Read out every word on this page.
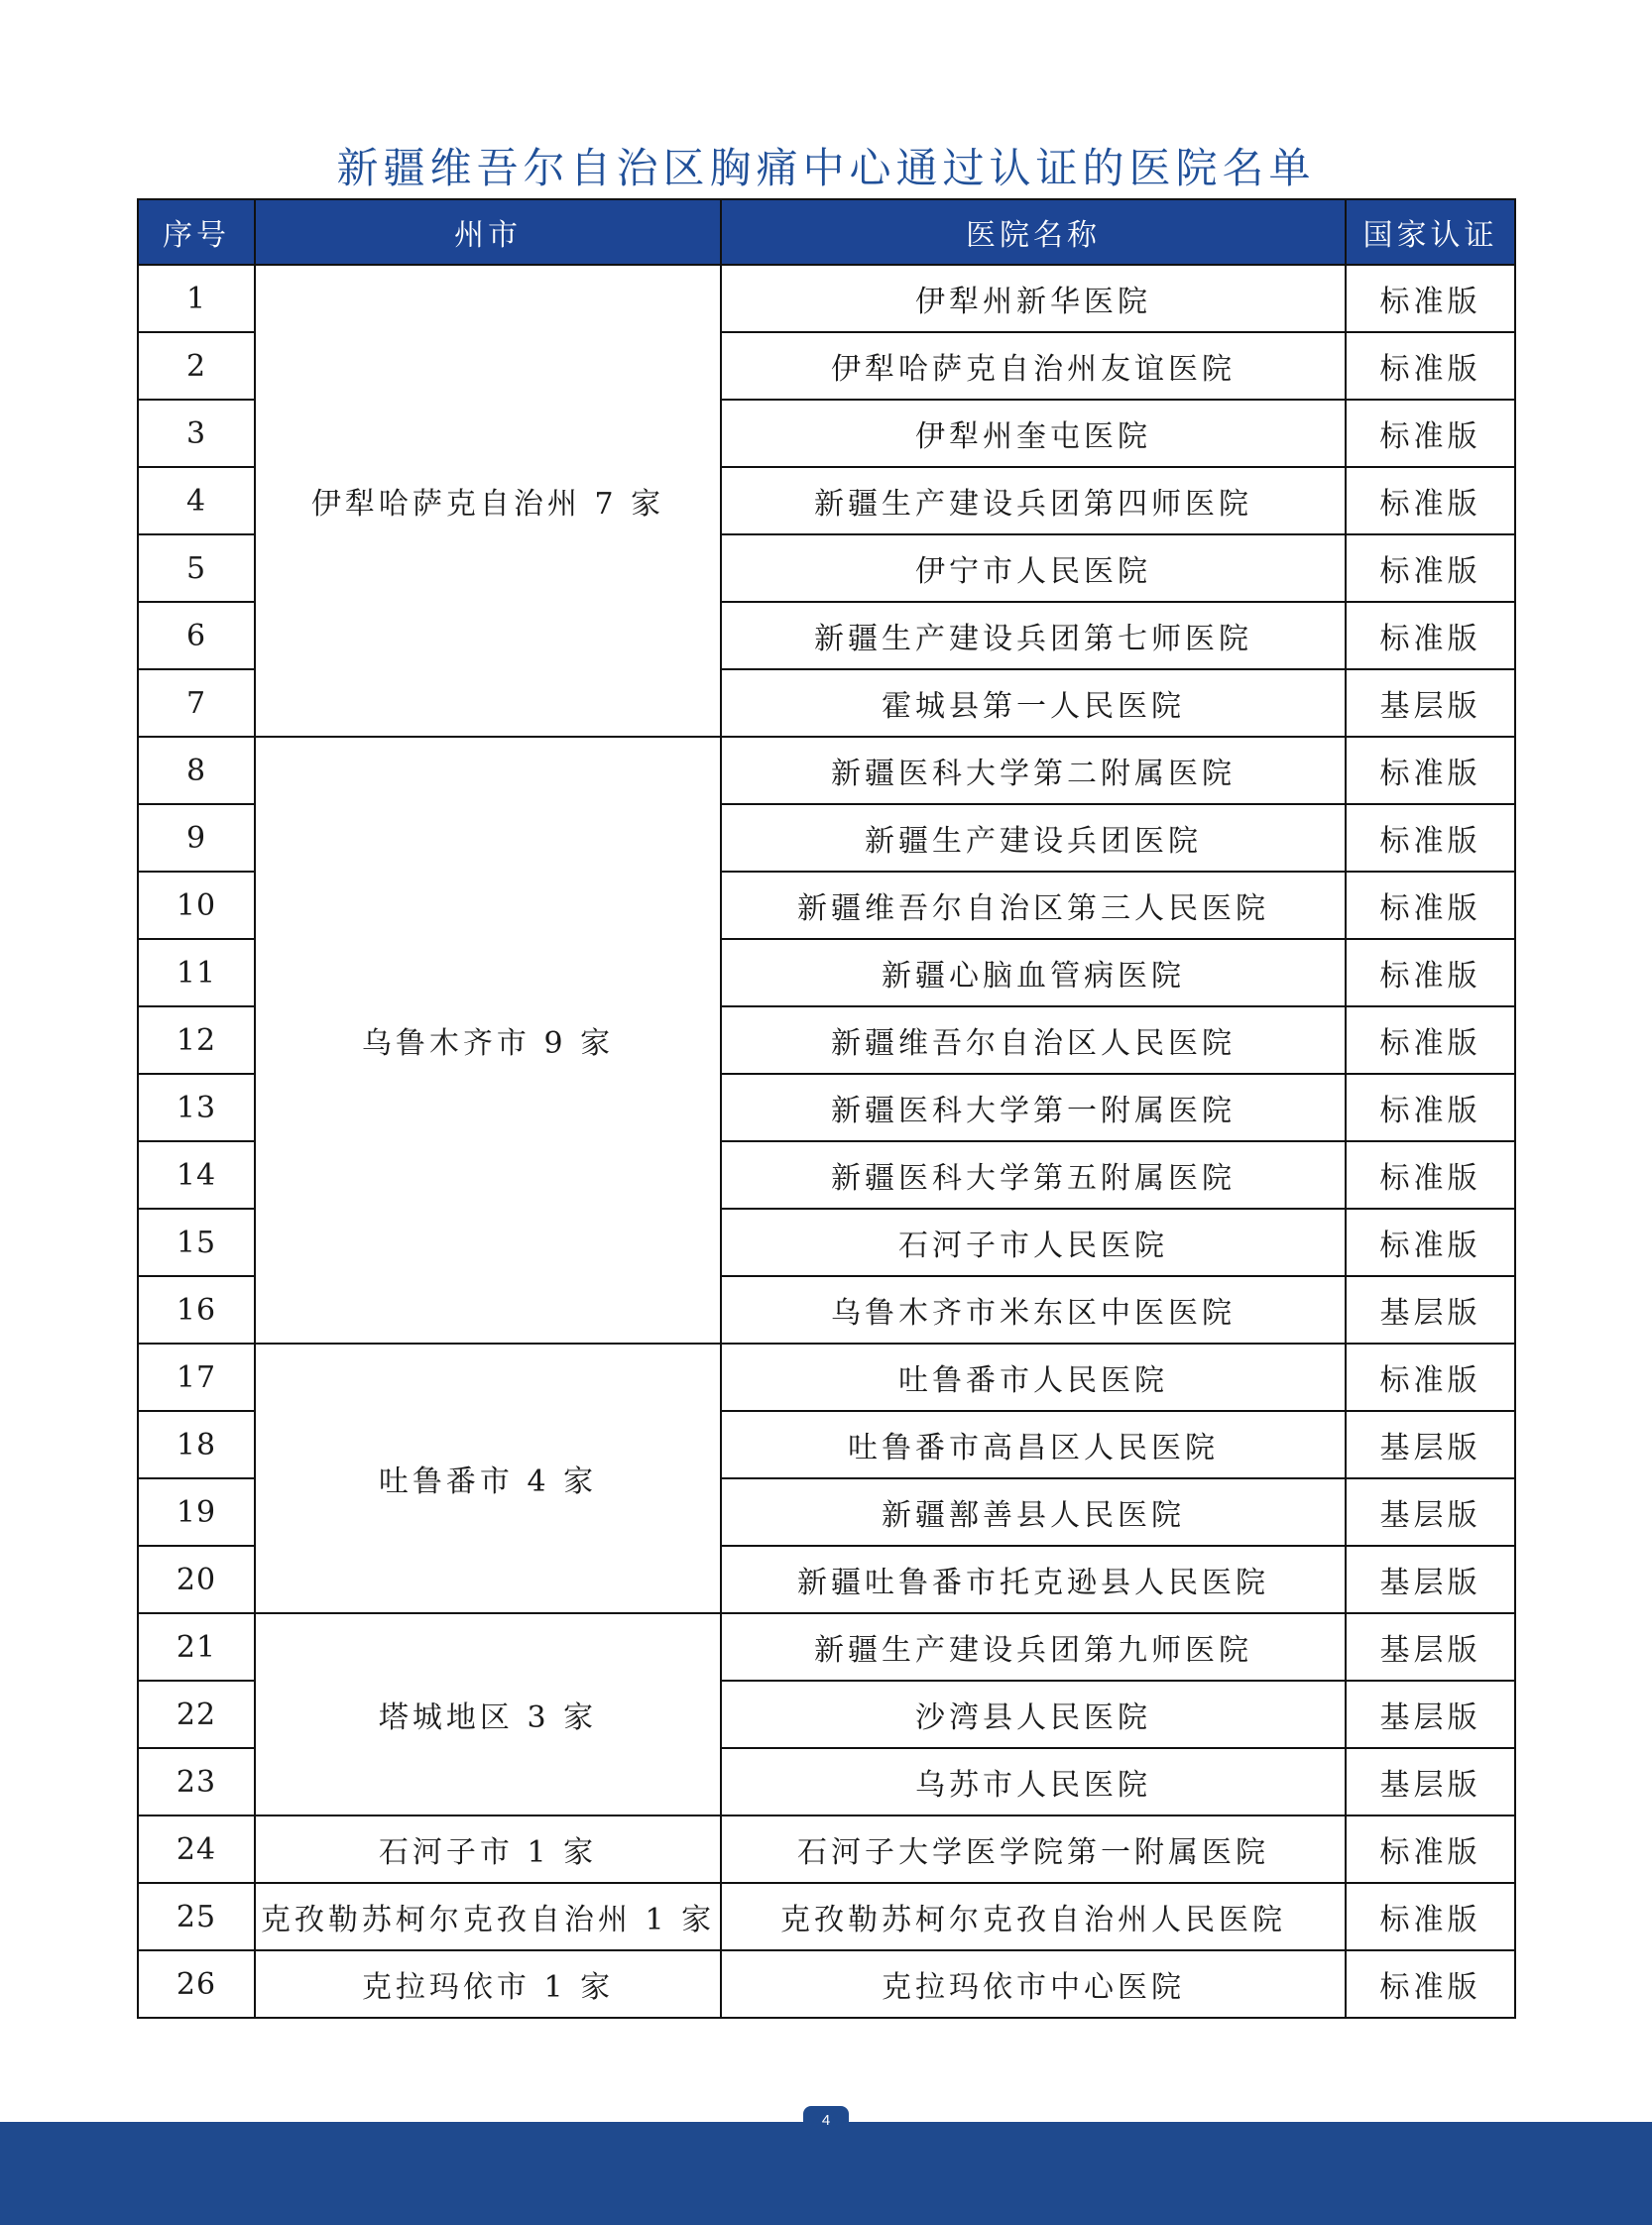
新疆维吾尔自治区胸痛中心通过认证的医院名单
序号	州市	医院名称	国家认证
1	伊犁哈萨克自治州 7 家	伊犁州新华医院	标准版
2		伊犁哈萨克自治州友谊医院	标准版
3		伊犁州奎屯医院	标准版
4		新疆生产建设兵团第四师医院	标准版
5		伊宁市人民医院	标准版
6		新疆生产建设兵团第七师医院	标准版
7		霍城县第一人民医院	基层版
8	乌鲁木齐市 9 家	新疆医科大学第二附属医院	标准版
9		新疆生产建设兵团医院	标准版
10		新疆维吾尔自治区第三人民医院	标准版
11		新疆心脑血管病医院	标准版
12		新疆维吾尔自治区人民医院	标准版
13		新疆医科大学第一附属医院	标准版
14		新疆医科大学第五附属医院	标准版
15		石河子市人民医院	标准版
16		乌鲁木齐市米东区中医医院	基层版
17	吐鲁番市 4 家	吐鲁番市人民医院	标准版
18		吐鲁番市高昌区人民医院	基层版
19		新疆鄯善县人民医院	基层版
20		新疆吐鲁番市托克逊县人民医院	基层版
21	塔城地区 3 家	新疆生产建设兵团第九师医院	基层版
22		沙湾县人民医院	基层版
23		乌苏市人民医院	基层版
24	石河子市 1 家	石河子大学医学院第一附属医院	标准版
25	克孜勒苏柯尔克孜自治州 1 家	克孜勒苏柯尔克孜自治州人民医院	标准版
26	克拉玛依市 1 家	克拉玛依市中心医院	标准版
4
